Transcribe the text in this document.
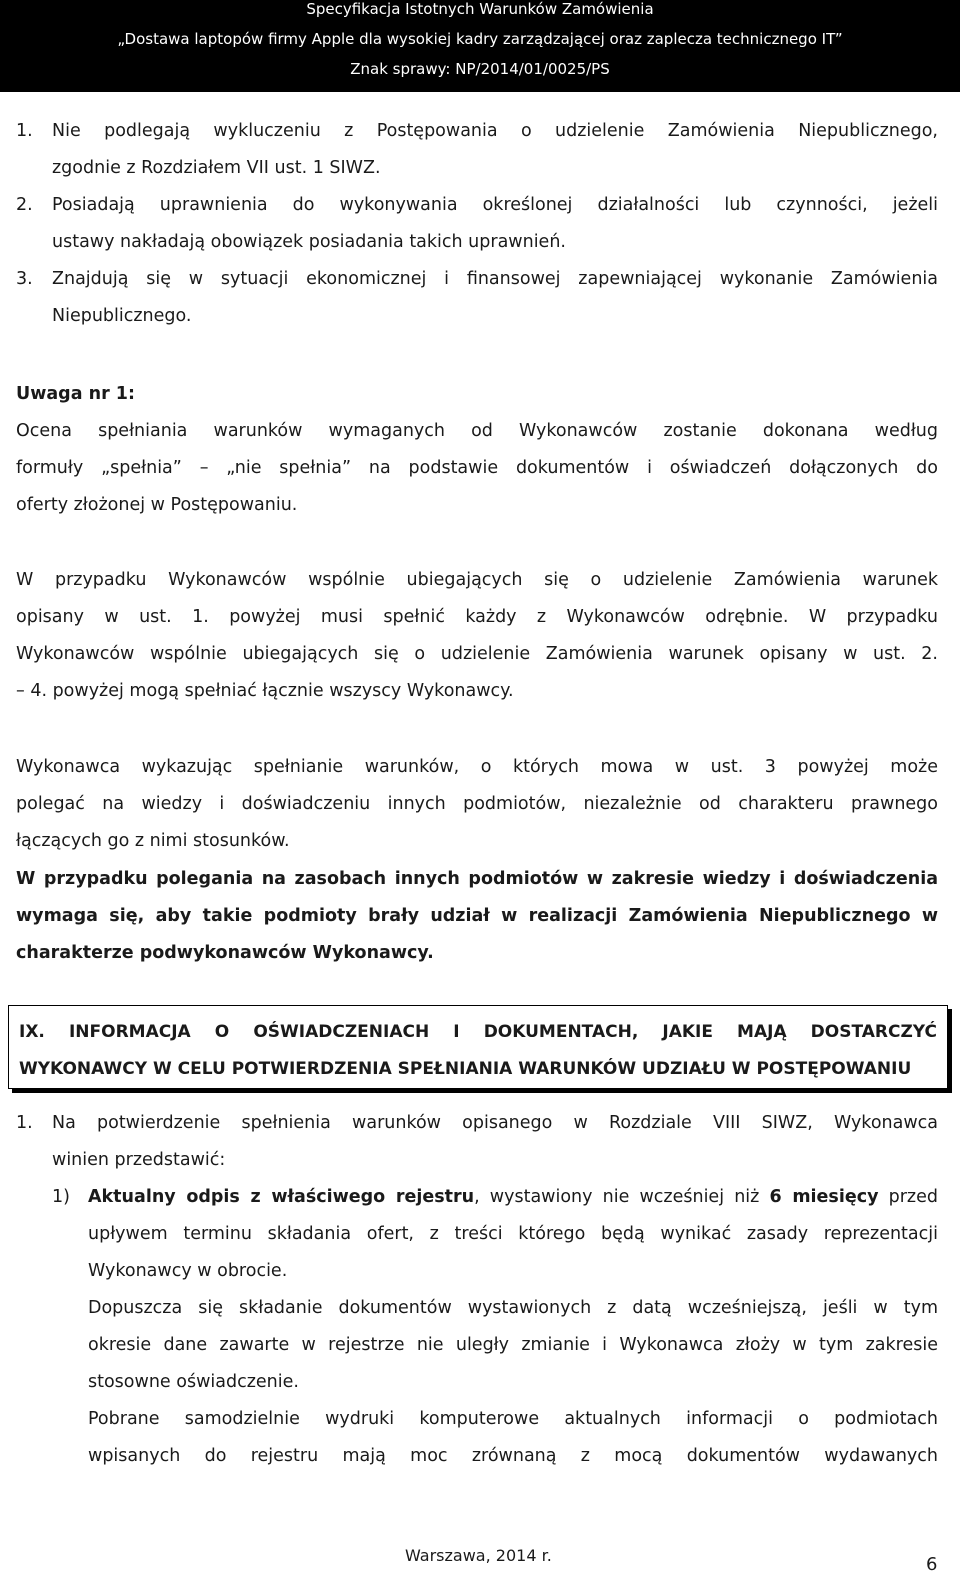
Specyfikacja Istotnych Warunków Zamówienia
„Dostawa laptopów firmy Apple dla wysokiej kadry zarządzającej oraz zaplecza technicznego IT”
Znak sprawy: NP/2014/01/0025/PS
1. Nie podlegają wykluczeniu z Postępowania o udzielenie Zamówienia Niepublicznego,
zgodnie z Rozdziałem VII ust. 1 SIWZ.
2. Posiadają uprawnienia do wykonywania określonej działalności lub czynności, jeżeli
ustawy nakładają obowiązek posiadania takich uprawnień.
3. Znajdują się w sytuacji ekonomicznej i finansowej zapewniającej wykonanie Zamówienia
Niepublicznego.
Uwaga nr 1:
Ocena spełniania warunków wymaganych od Wykonawców zostanie dokonana według
formuły „spełnia” – „nie spełnia” na podstawie dokumentów i oświadczeń dołączonych do
oferty złożonej w Postępowaniu.
W przypadku Wykonawców wspólnie ubiegających się o udzielenie Zamówienia warunek
opisany w ust. 1. powyżej musi spełnić każdy z Wykonawców odrębnie. W przypadku
Wykonawców wspólnie ubiegających się o udzielenie Zamówienia warunek opisany w ust. 2.
– 4. powyżej mogą spełniać łącznie wszyscy Wykonawcy.
Wykonawca wykazując spełnianie warunków, o których mowa w ust. 3 powyżej może
polegać na wiedzy i doświadczeniu innych podmiotów, niezależnie od charakteru prawnego
łączących go z nimi stosunków.
W przypadku polegania na zasobach innych podmiotów w zakresie wiedzy i doświadczenia
wymaga się, aby takie podmioty brały udział w realizacji Zamówienia Niepublicznego w
charakterze podwykonawców Wykonawcy.
IX. INFORMACJA O OŚWIADCZENIACH I DOKUMENTACH, JAKIE MAJĄ DOSTARCZYĆ
WYKONAWCY W CELU POTWIERDZENIA SPEŁNIANIA WARUNKÓW UDZIAŁU W POSTĘPOWANIU
1. Na potwierdzenie spełnienia warunków opisanego w Rozdziale VIII SIWZ, Wykonawca
winien przedstawić:
1) Aktualny odpis z właściwego rejestru, wystawiony nie wcześniej niż 6 miesięcy przed
upływem terminu składania ofert, z treści którego będą wynikać zasady reprezentacji
Wykonawcy w obrocie.
Dopuszcza się składanie dokumentów wystawionych z datą wcześniejszą, jeśli w tym
okresie dane zawarte w rejestrze nie uległy zmianie i Wykonawca złoży w tym zakresie
stosowne oświadczenie.
Pobrane samodzielnie wydruki komputerowe aktualnych informacji o podmiotach
wpisanych do rejestru mają moc zrównaną z mocą dokumentów wydawanych
Warszawa, 2014 r.	6
